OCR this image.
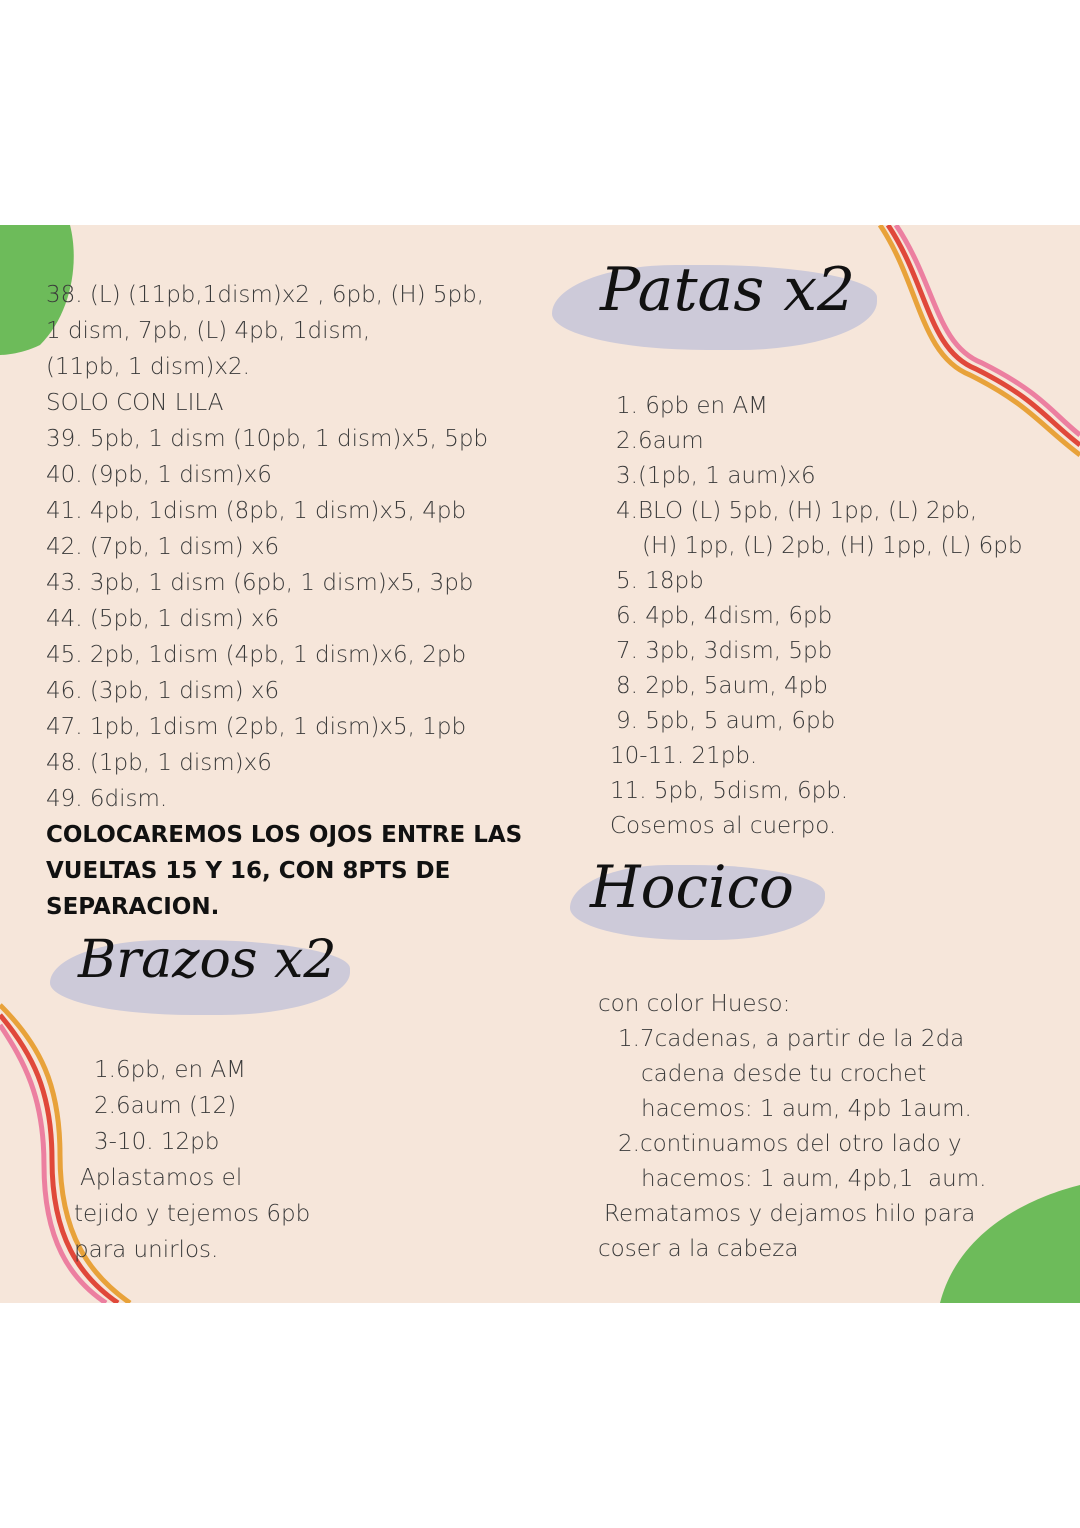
38. (L) (11pb,1dism)x2 , 6pb, (H) 5pb,
1 dism, 7pb, (L) 4pb, 1dism,
(11pb, 1 dism)x2.
SOLO CON LILA
39. 5pb, 1 dism (10pb, 1 dism)x5, 5pb
40. (9pb, 1 dism)x6
41. 4pb, 1dism (8pb, 1 dism)x5, 4pb
42. (7pb, 1 dism) x6
43. 3pb, 1 dism (6pb, 1 dism)x5, 3pb
44. (5pb, 1 dism) x6
45. 2pb, 1dism (4pb, 1 dism)x6, 2pb
46. (3pb, 1 dism) x6
47. 1pb, 1dism (2pb, 1 dism)x5, 1pb
48. (1pb, 1 dism)x6
49. 6dism.
COLOCAREMOS LOS OJOS ENTRE LAS
VUELTAS 15 Y 16, CON 8PTS DE
SEPARACION.
Brazos x2
1.6pb, en AM
2.6aum (12)
3-10. 12pb
Aplastamos el
tejido y tejemos 6pb
para unirlos.
Patas x2
1. 6pb en AM
2.6aum
3.(1pb, 1 aum)x6
4.BLO (L) 5pb, (H) 1pp, (L) 2pb,
(H) 1pp, (L) 2pb, (H) 1pp, (L) 6pb
5. 18pb
6. 4pb, 4dism, 6pb
7. 3pb, 3dism, 5pb
8. 2pb, 5aum, 4pb
9. 5pb, 5 aum, 6pb
10-11. 21pb.
11. 5pb, 5dism, 6pb.
Cosemos al cuerpo.
Hocico
con color Hueso:
1.7cadenas, a partir de la 2da
cadena desde tu crochet
hacemos: 1 aum, 4pb 1aum.
2.continuamos del otro lado y
hacemos: 1 aum, 4pb,1  aum.
Rematamos y dejamos hilo para
coser a la cabeza
